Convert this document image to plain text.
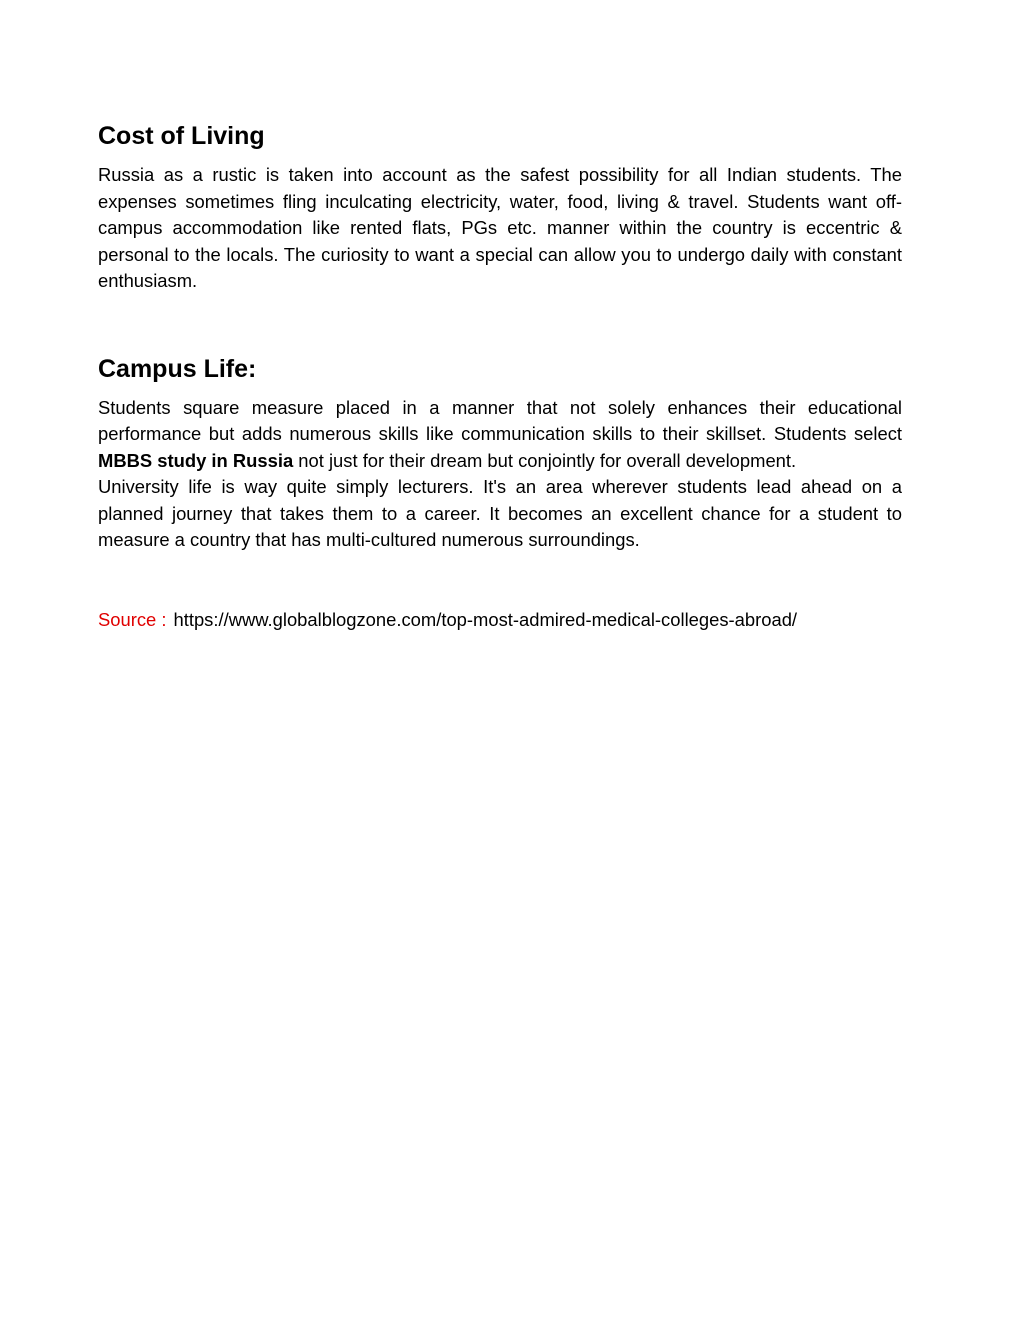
Cost of Living

Russia as a rustic is taken into account as the safest possibility for all Indian students. The expenses sometimes fling inculcating electricity, water, food, living & travel. Students want off-campus accommodation like rented flats, PGs etc. manner within the country is eccentric & personal to the locals. The curiosity to want a special can allow you to undergo daily with constant enthusiasm.

Campus Life:

Students square measure placed in a manner that not solely enhances their educational performance but adds numerous skills like communication skills to their skillset. Students select MBBS study in Russia not just for their dream but conjointly for overall development.

University life is way quite simply lecturers. It's an area wherever students lead ahead on a planned journey that takes them to a career. It becomes an excellent chance for a student to measure a country that has multi-cultured numerous surroundings.

Source : https://www.globalblogzone.com/top-most-admired-medical-colleges-abroad/
